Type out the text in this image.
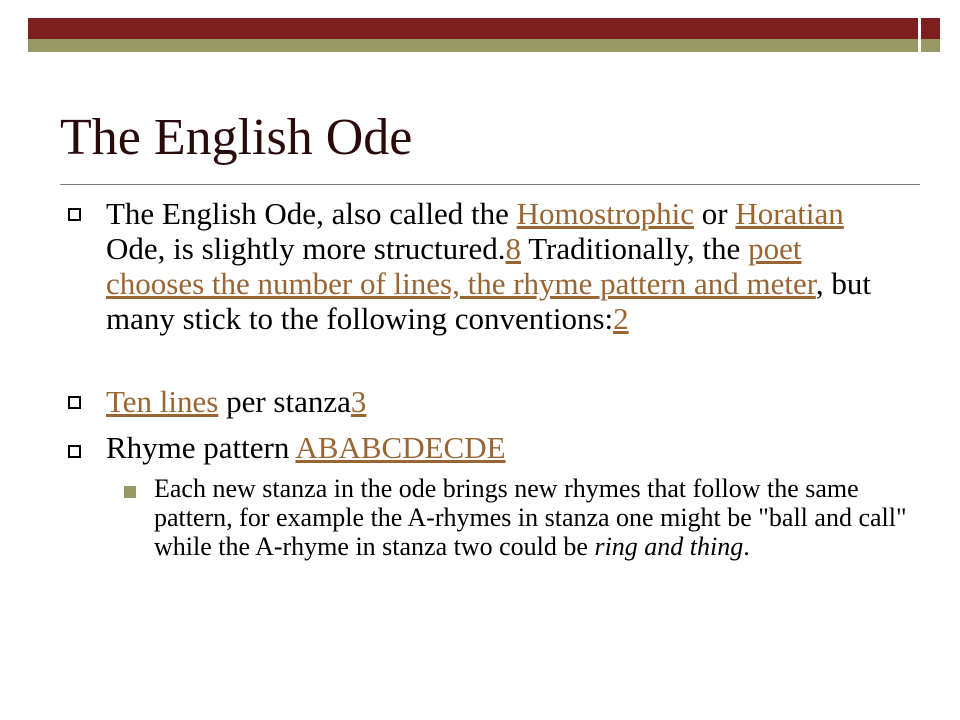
The English Ode
The English Ode, also called the Homostrophic or Horatian Ode, is slightly more structured.8 Traditionally, the poet chooses the number of lines, the rhyme pattern and meter, but many stick to the following conventions:2
Ten lines per stanza3
Rhyme pattern ABABCDECDE
Each new stanza in the ode brings new rhymes that follow the same pattern, for example the A-rhymes in stanza one might be "ball and call" while the A-rhyme in stanza two could be ring and thing.
